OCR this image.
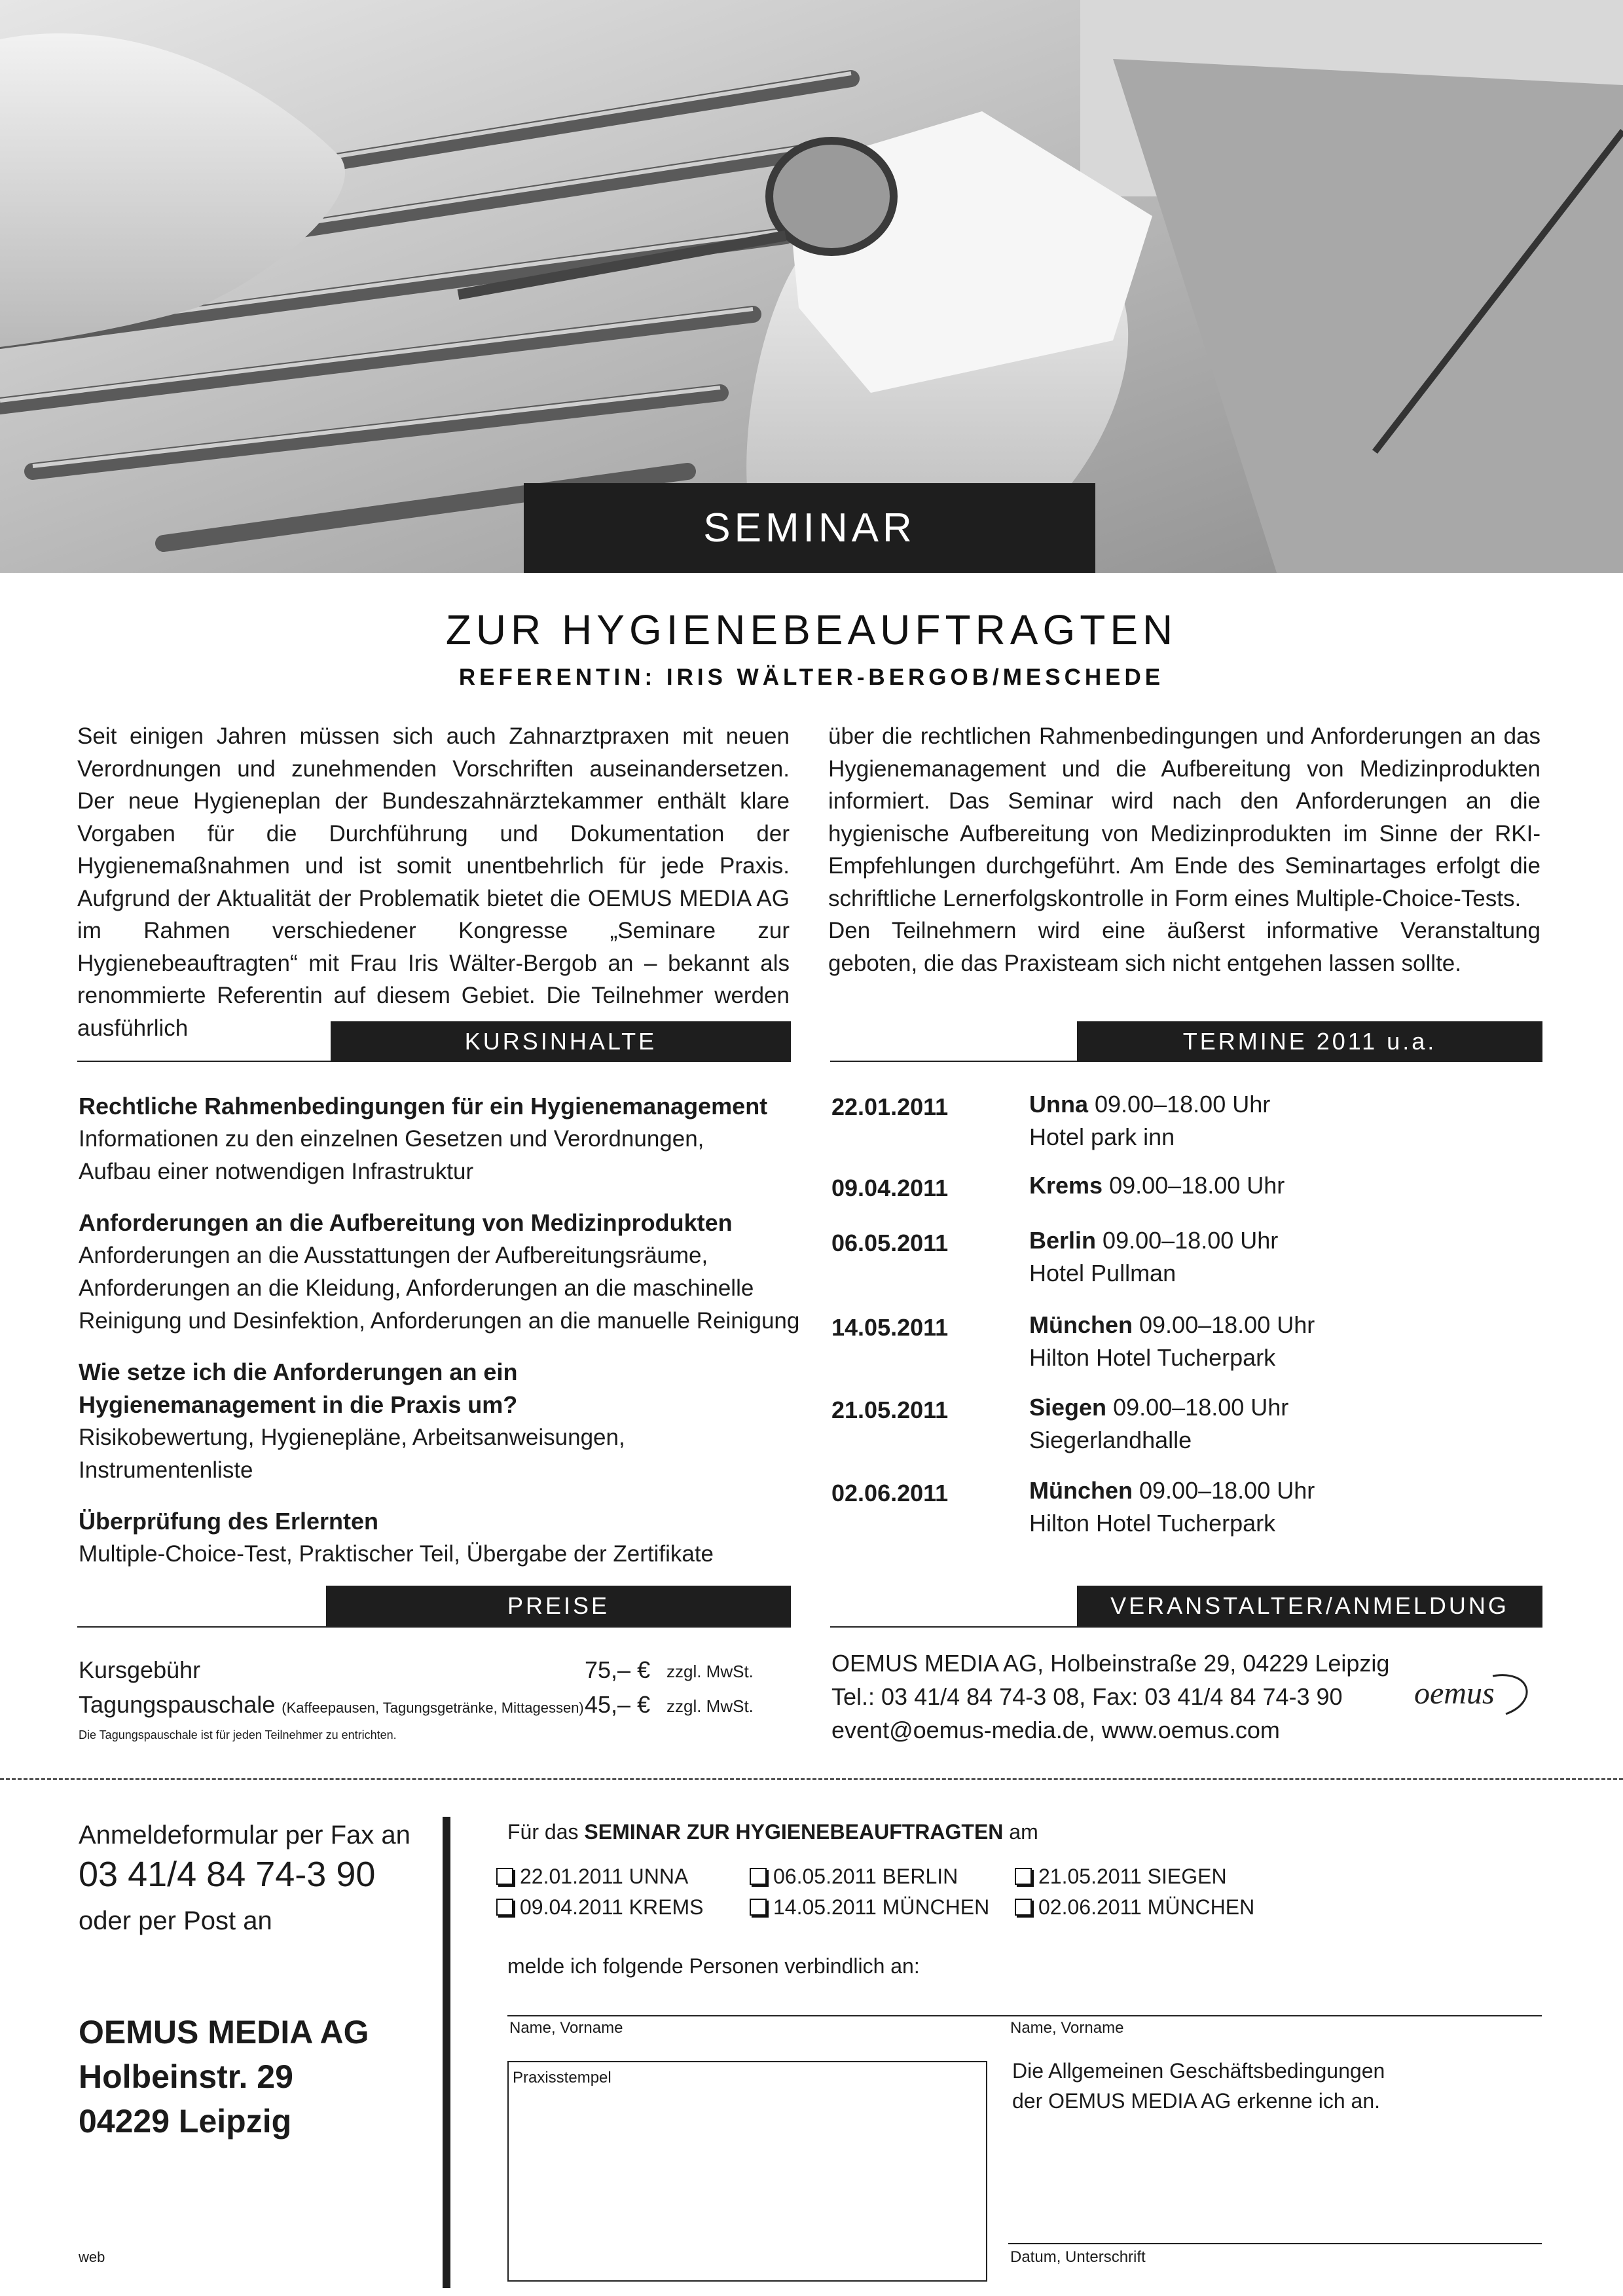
SEMINAR
ZUR HYGIENEBEAUFTRAGTEN
REFERENTIN: IRIS WÄLTER-BERGOB/MESCHEDE

Seit einigen Jahren müssen sich auch Zahnarztpraxen mit neuen Verordnungen und zunehmenden Vorschriften auseinandersetzen. Der neue Hygieneplan der Bundeszahnärztekammer enthält klare Vorgaben für die Durchführung und Dokumentation der Hygienemaßnahmen und ist somit unentbehrlich für jede Praxis. Aufgrund der Aktualität der Problematik bietet die OEMUS MEDIA AG im Rahmen verschiedener Kongresse „Seminare zur Hygienebeauftragten“ mit Frau Iris Wälter-Bergob an – bekannt als renommierte Referentin auf diesem Gebiet. Die Teilnehmer werden ausführlich

über die rechtlichen Rahmenbedingungen und Anforderungen an das Hygienemanagement und die Aufbereitung von Medizinprodukten informiert. Das Seminar wird nach den Anforderungen an die hygienische Aufbereitung von Medizinprodukten im Sinne der RKI-Empfehlungen durchgeführt. Am Ende des Seminartages erfolgt die schriftliche Lernerfolgskontrolle in Form eines Multiple-Choice-Tests.

Den Teilnehmern wird eine äußerst informative Veranstaltung geboten, die das Praxisteam sich nicht entgehen lassen sollte.

KURSINHALTE
Rechtliche Rahmenbedingungen für ein Hygienemanagement

Informationen zu den einzelnen Gesetzen und Verordnungen, Aufbau einer notwendigen Infrastruktur

Anforderungen an die Aufbereitung von Medizinprodukten

Anforderungen an die Ausstattungen der Aufbereitungsräume, Anforderungen an die Kleidung, Anforderungen an die maschinelle Reinigung und Desinfektion, Anforderungen an die manuelle Reinigung

Wie setze ich die Anforderungen an ein Hygienemanagement in die Praxis um?

Risikobewertung, Hygienepläne, Arbeitsanweisungen, Instrumentenliste

Überprüfung des Erlernten

Multiple-Choice-Test, Praktischer Teil, Übergabe der Zertifikate

TERMINE 2011 u.a.
22.01.2011	Unna 09.00–18.00 Uhr
Hotel park inn
09.04.2011	Krems 09.00–18.00 Uhr
06.05.2011	Berlin 09.00–18.00 Uhr
Hotel Pullman
14.05.2011	München 09.00–18.00 Uhr
Hilton Hotel Tucherpark
21.05.2011	Siegen 09.00–18.00 Uhr
Siegerlandhalle
02.06.2011	München 09.00–18.00 Uhr
Hilton Hotel Tucherpark
PREISE
Kursgebühr	75,– € zzgl. MwSt.
Tagungspauschale (Kaffeepausen, Tagungsgetränke, Mittagessen) 45,– € zzgl. MwSt.
Die Tagungspauschale ist für jeden Teilnehmer zu entrichten.
VERANSTALTER/ANMELDUNG
OEMUS MEDIA AG, Holbeinstraße 29, 04229 Leipzig
Tel.: 03 41/4 84 74-3 08, Fax: 03 41/4 84 74-3 90
event@oemus-media.de, www.oemus.com
oemus
Anmeldeformular per Fax an
03 41/4 84 74-3 90
oder per Post an
OEMUS MEDIA AG
Holbeinstr. 29
04229 Leipzig
web
Für das SEMINAR ZUR HYGIENEBEAUFTRAGTEN am
22.01.2011 UNNA	06.05.2011 BERLIN	21.05.2011 SIEGEN
09.04.2011 KREMS	14.05.2011 MÜNCHEN	02.06.2011 MÜNCHEN
melde ich folgende Personen verbindlich an:
Name, Vorname	Name, Vorname
Praxisstempel	Die Allgemeinen Geschäftsbedingungen der OEMUS MEDIA AG erkenne ich an.
Datum, Unterschrift
